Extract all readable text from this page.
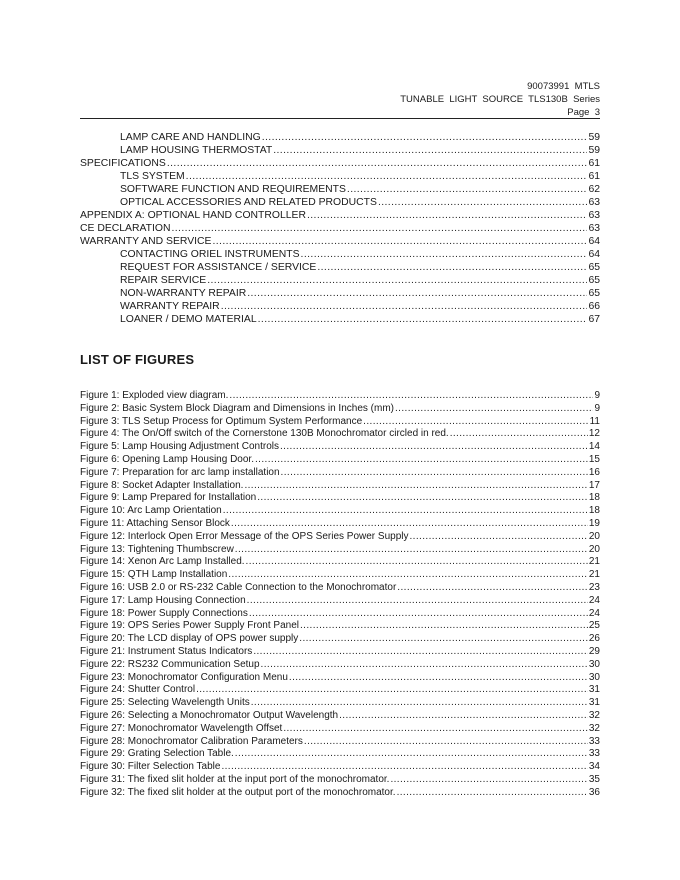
90073991  MTLS
TUNABLE  LIGHT  SOURCE  TLS130B  Series
Page  3
LAMP CARE AND HANDLING .....	59
LAMP HOUSING THERMOSTAT .....	59
SPECIFICATIONS .....	61
TLS SYSTEM .....	61
SOFTWARE FUNCTION AND REQUIREMENTS .....	62
OPTICAL ACCESSORIES AND RELATED PRODUCTS .....	63
APPENDIX A: OPTIONAL HAND CONTROLLER .....	63
CE DECLARATION .....	63
WARRANTY AND SERVICE .....	64
CONTACTING ORIEL INSTRUMENTS .....	64
REQUEST FOR ASSISTANCE / SERVICE .....	65
REPAIR SERVICE .....	65
NON-WARRANTY REPAIR .....	65
WARRANTY REPAIR .....	66
LOANER / DEMO MATERIAL .....	67
LIST OF FIGURES
Figure 1: Exploded view diagram. .....	9
Figure 2: Basic System Block Diagram and Dimensions in Inches (mm) .....	9
Figure 3: TLS Setup Process for Optimum System Performance .....	11
Figure 4: The On/Off switch of the Cornerstone 130B Monochromator circled in red. .....	12
Figure 5: Lamp Housing Adjustment Controls .....	14
Figure 6: Opening Lamp Housing Door. .....	15
Figure 7: Preparation for arc lamp installation .....	16
Figure 8: Socket Adapter Installation. .....	17
Figure 9: Lamp Prepared for Installation .....	18
Figure 10: Arc Lamp Orientation .....	18
Figure 11: Attaching Sensor Block .....	19
Figure 12: Interlock Open Error Message of the OPS Series Power Supply .....	20
Figure 13: Tightening Thumbscrew .....	20
Figure 14: Xenon Arc Lamp Installed. .....	21
Figure 15: QTH Lamp Installation .....	21
Figure 16: USB 2.0 or RS-232 Cable Connection to the Monochromator .....	23
Figure 17: Lamp Housing Connection .....	24
Figure 18: Power Supply Connections .....	24
Figure 19: OPS Series Power Supply Front Panel .....	25
Figure 20: The LCD display of OPS power supply .....	26
Figure 21: Instrument Status Indicators .....	29
Figure 22: RS232 Communication Setup .....	30
Figure 23: Monochromator Configuration Menu .....	30
Figure 24: Shutter Control .....	31
Figure 25: Selecting Wavelength Units .....	31
Figure 26: Selecting a Monochromator Output Wavelength .....	32
Figure 27: Monochromator Wavelength Offset .....	32
Figure 28: Monochromator Calibration Parameters .....	33
Figure 29: Grating Selection Table. .....	33
Figure 30: Filter Selection Table .....	34
Figure 31: The fixed slit holder at the input port of the monochromator. .....	35
Figure 32: The fixed slit holder at the output port of the monochromator. .....	36
